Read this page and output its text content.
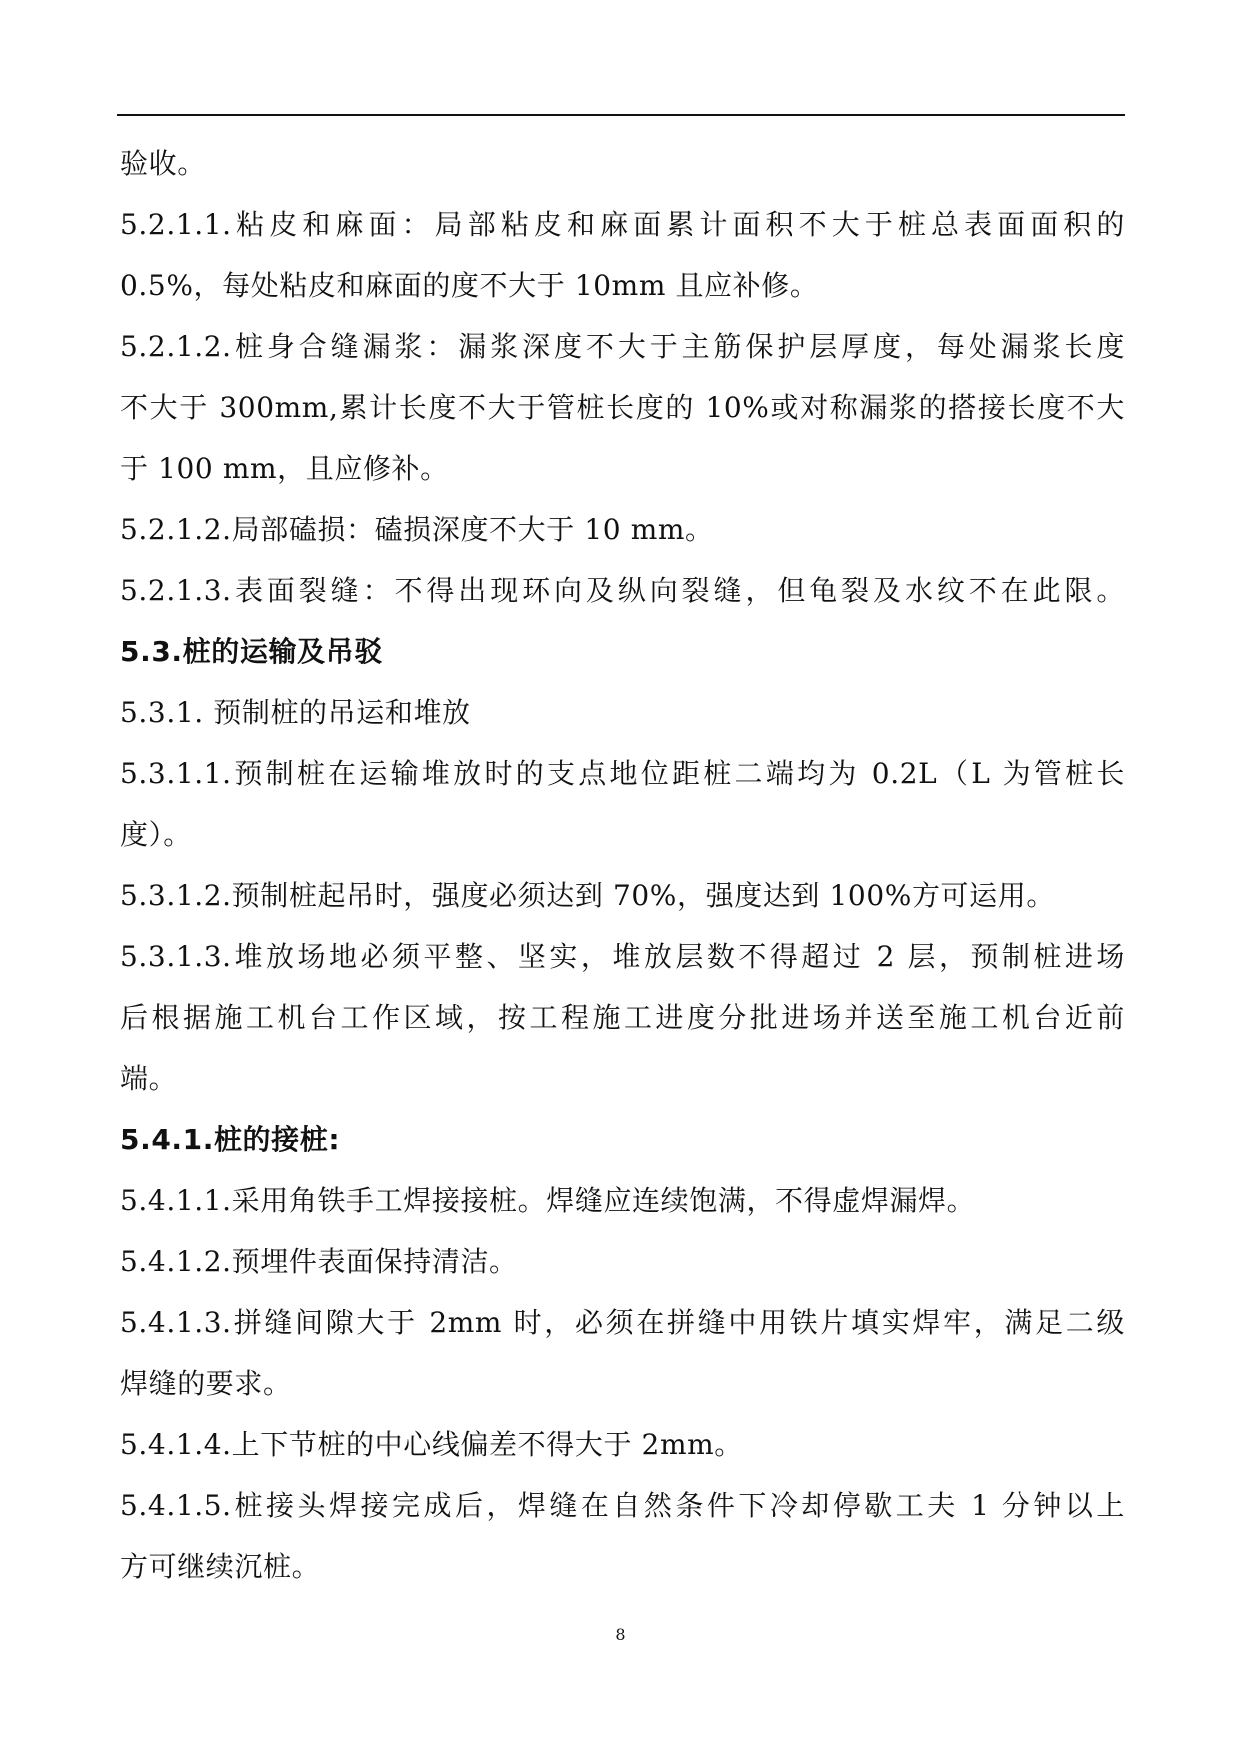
验收。
5.2.1.1.粘皮和麻面：局部粘皮和麻面累计面积不大于桩总表面面积的
0.5%，每处粘皮和麻面的度不大于 10mm 且应补修。
5.2.1.2.桩身合缝漏浆：漏浆深度不大于主筋保护层厚度，每处漏浆长度
不大于 300mm,累计长度不大于管桩长度的 10%或对称漏浆的搭接长度不大
于 100 mm，且应修补。
5.2.1.2.局部磕损：磕损深度不大于 10 mm。
5.2.1.3.表面裂缝：不得出现环向及纵向裂缝，但龟裂及水纹不在此限。
5.3.桩的运输及吊驳
5.3.1. 预制桩的吊运和堆放
5.3.1.1.预制桩在运输堆放时的支点地位距桩二端均为 0.2L（L 为管桩长
度）。
5.3.1.2.预制桩起吊时，强度必须达到 70%，强度达到 100%方可运用。
5.3.1.3.堆放场地必须平整、坚实，堆放层数不得超过 2 层，预制桩进场
后根据施工机台工作区域，按工程施工进度分批进场并送至施工机台近前
端。
5.4.1.桩的接桩:
5.4.1.1.采用角铁手工焊接接桩。焊缝应连续饱满，不得虚焊漏焊。
5.4.1.2.预埋件表面保持清洁。
5.4.1.3.拼缝间隙大于 2mm 时，必须在拼缝中用铁片填实焊牢，满足二级
焊缝的要求。
5.4.1.4.上下节桩的中心线偏差不得大于 2mm。
5.4.1.5.桩接头焊接完成后，焊缝在自然条件下冷却停歇工夫 1 分钟以上
方可继续沉桩。
8
